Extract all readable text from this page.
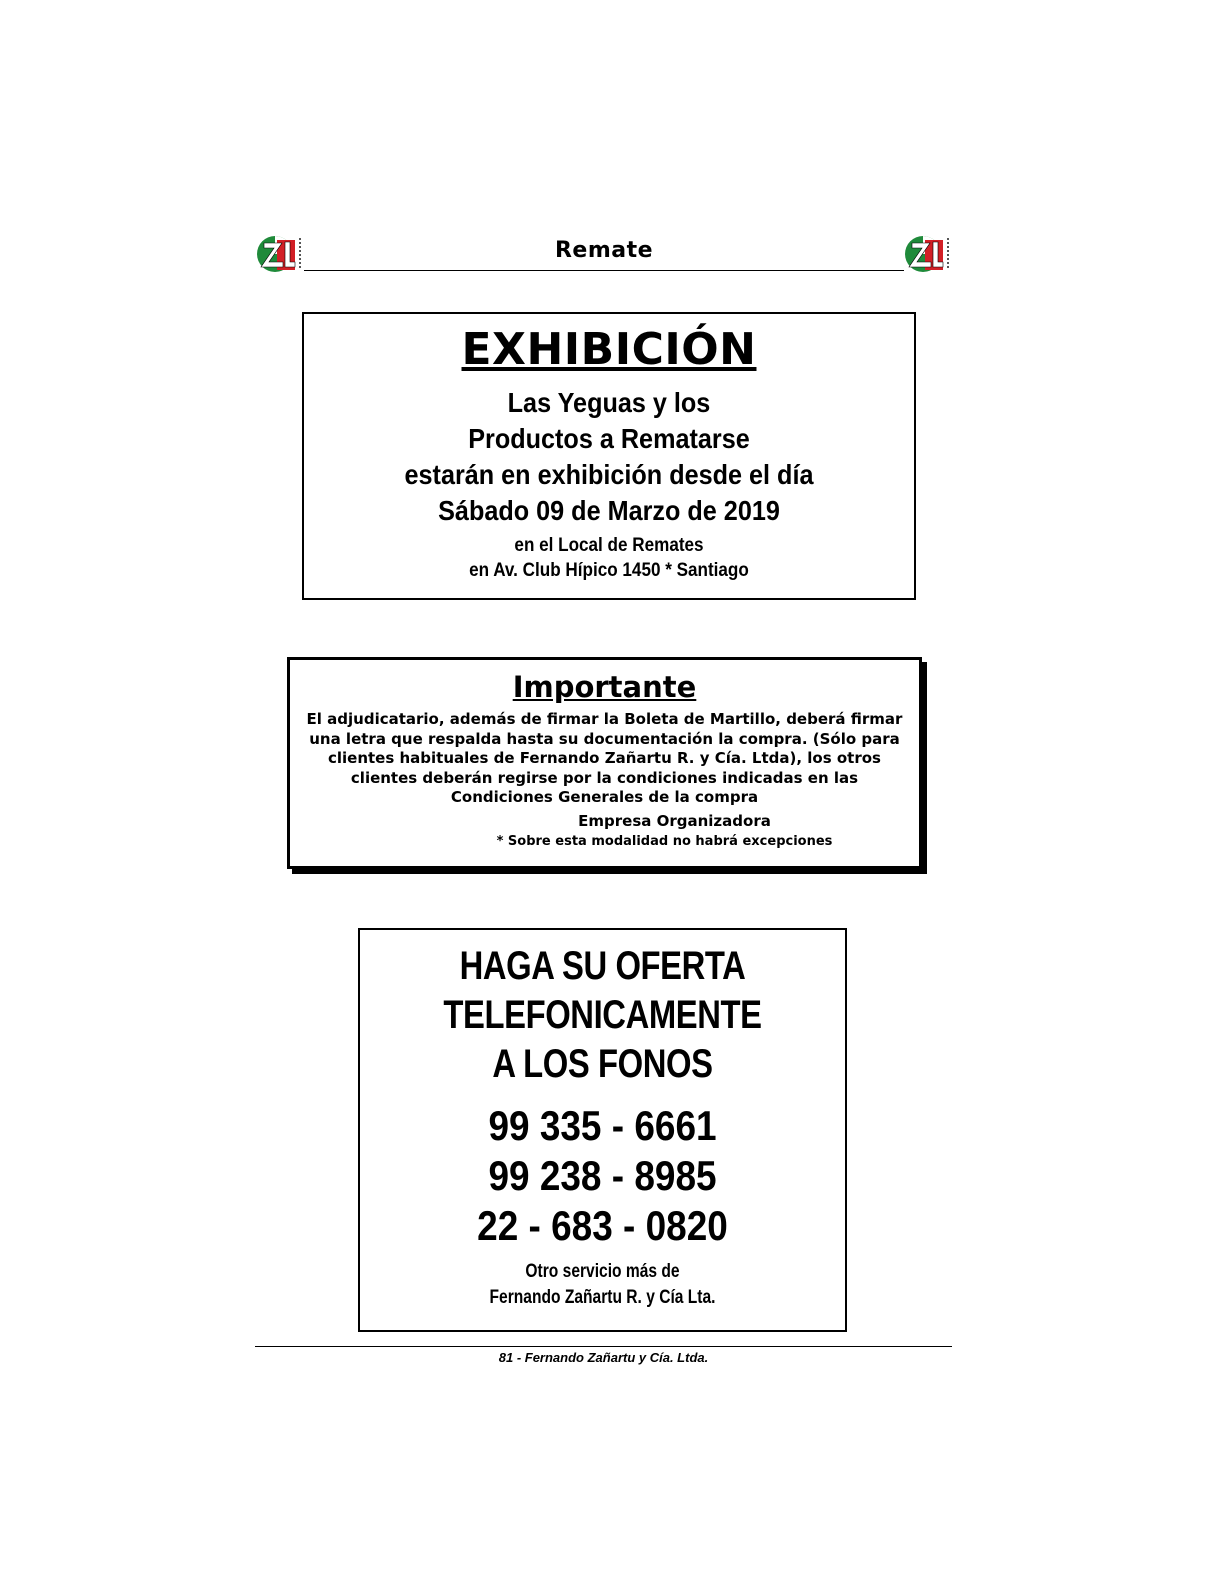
Remate
EXHIBICIÓN
Las Yeguas y los
Productos a Rematarse
estarán en exhibición desde el día
Sábado 09 de Marzo de 2019
en el Local de Remates
en Av. Club Hípico 1450 * Santiago
Importante
El adjudicatario, además de firmar la Boleta de Martillo, deberá firmar una letra que respalda hasta su documentación la compra. (Sólo para clientes habituales de Fernando Zañartu R. y Cía. Ltda), los otros clientes deberán regirse por la condiciones indicadas en las Condiciones Generales de la compra
Empresa Organizadora
* Sobre esta modalidad no habrá excepciones
HAGA SU OFERTA
TELEFONICAMENTE
A LOS FONOS
99 335 - 6661
99 238 - 8985
22 - 683 - 0820
Otro servicio más de
Fernando Zañartu R. y Cía Lta.
81 - Fernando Zañartu y Cía. Ltda.
